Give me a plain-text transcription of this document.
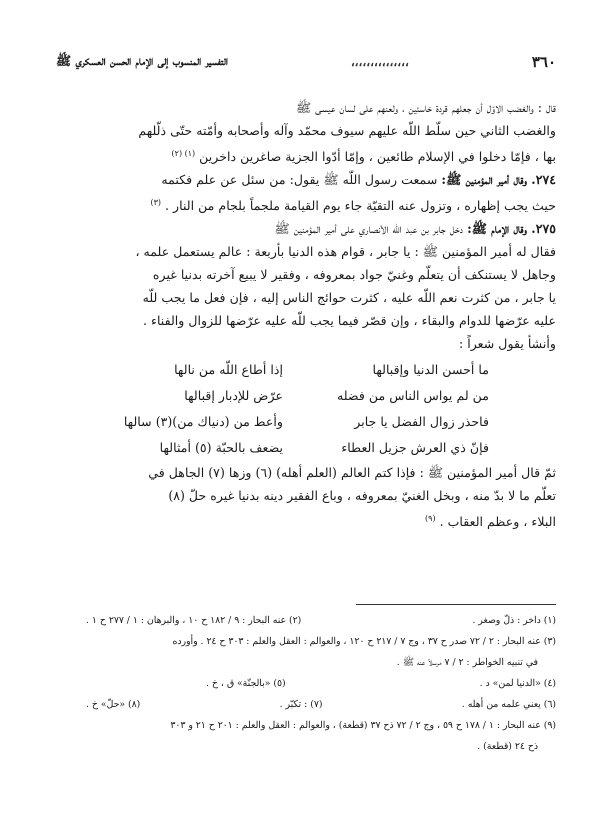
٣٦٠
،،،،،،،،،،،،،،،
التفسير المنسوب إلى الإمام الحسن العسكري ﷺ

قال : والغضب الاوّل أن جعلهم قردة خاسئين ، ولعنهم على لسان عيسى ﷺ

والغضب الثاني حين سلّط اللّه عليهم سيوف محمّد وآله وأصحابه وأمّته حتّى ذلّلهم

بها ، فإمّا دخلوا في الإسلام طائعين ، وإمّا أدّوا الجزية صاغرين داخرين $^{(١) (٢)}$

٢٧٤. وقال أمير المؤمنين ﷺ: سمعت رسول اللّه ﷺ يقول: من سئل عن علم فكتمه

حيث يجب إظهاره ، وتزول عنه التقيّة جاء يوم القيامة ملجماً بلجام من النار . $^{(٣)}$

٢٧٥. وقال الإمام ﷺ: دخل جابر بن عبد اللّه الأنصاري على أمير المؤمنين ﷺ

فقال له أمير المؤمنين ﷺ : يا جابر ، قوام هذه الدنيا بأربعة : عالم يستعمل علمه ،

وجاهل لا يستنكف أن يتعلّم وغنيّ جواد بمعروفه ، وفقير لا يبيع آخرته بدنيا غيره

يا جابر ، من كثرت نعم اللّه عليه ، كثرت حوائج الناس إليه ، فإن فعل ما يجب للّه

عليه عرّضها للدوام والبقاء ، وإن قصّر فيما يجب للّه عليه عرّضها للزوال والفناء .

وأنشأ يقول شعراً :

ما أحسن الدنيا وإقبالها
إذا أطاع اللّه من نالها
من لم يواس الناس من فضله
عرّض للإدبار إقبالها
فاحذر زوال الفضل يا جابر
وأعط من (دنياك من)(٣) سالها
فإنّ ذي العرش جزيل العطاء
يضعف بالحبّة (٥) أمثالها

ثمّ قال أمير المؤمنين ﷺ : فإذا كتم العالم (العلم أهله) (٦) وزها (٧) الجاهل في

تعلّم ما لا بدّ منه ، وبخل الغنيّ بمعروفه ، وباع الفقير دينه بدنيا غيره حلّ (٨)

البلاء ، وعظم العقاب . $^{(٩)}$

(١) داخر : ذلّ وصغر .
(٢) عنه البحار : ٩ / ١٨٢ ح ١٠ ، والبرهان : ١ / ٢٧٧ ح ١ .
(٣) عنه البحار : ٢ / ٧٢ صدر ح ٣٧ ، وج ٧ / ٢١٧ ح ١٢٠ ، والعوالم : العقل والعلم : ٣٠٣ ح ٢٤ . وأورده
في تنبيه الخواطر : ٢ / ٧ مرسلاً عنه ﷺ .
(٤) «الدنيا لمن» د .
(٥) «بالجنّة» ق ، خ .
(٦) يعني علمه من أهله .
(٧) : تكبّر .
(٨) «حلّ» خ .
(٩) عنه البحار : ١ / ١٧٨ ح ٥٩ ، وج ٢ / ٧٢ ذح ٣٧ (قطعة) ، والعوالم : العقل والعلم : ٢٠١ ح ٢١ و ٣٠٣
ذح ٢٤ (قطعة) .
